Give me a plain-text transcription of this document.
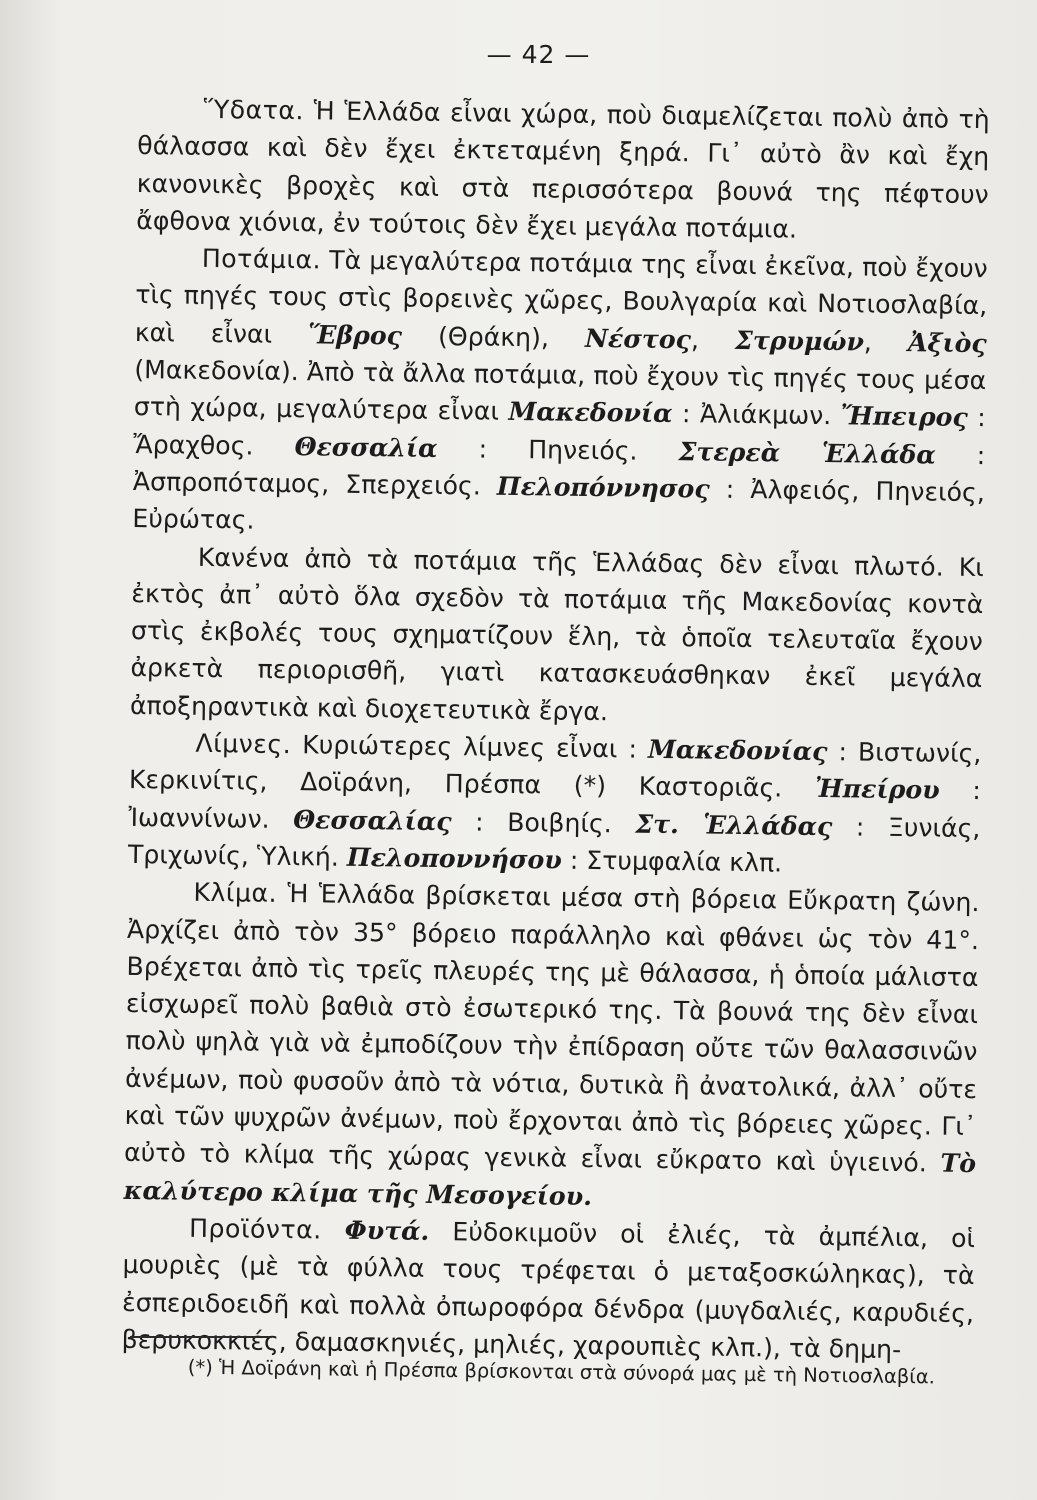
— 42 —

Ὕδατα. Ἡ Ἑλλάδα εἶναι χώρα, ποὺ διαμελίζεται πολὺ ἀπὸ τὴ θάλασσα καὶ δὲν ἔχει ἐκτεταμένη ξηρά. Γι᾽ αὐτὸ ἂν καὶ ἔχη κανονικὲς βροχὲς καὶ στὰ περισσότερα βουνά της πέφτουν ἄφθονα χιόνια, ἐν τούτοις δὲν ἔχει μεγάλα ποτάμια.

Ποτάμια. Τὰ μεγαλύτερα ποτάμια της εἶναι ἐκεῖνα, ποὺ ἔχουν τὶς πηγές τους στὶς βορεινὲς χῶρες, Βουλγαρία καὶ Νοτιοσλαβία, καὶ εἶναι Ἕβρος (Θράκη), Νέστος, Στρυμών, Ἀξιὸς (Μακεδονία). Ἀπὸ τὰ ἄλλα ποτάμια, ποὺ ἔχουν τὶς πηγές τους μέσα στὴ χώρα, μεγαλύτερα εἶναι Μακεδονία : Ἀλιάκμων. Ἤπειρος : Ἄραχθος. Θεσσαλία : Πηνειός. Στερεὰ Ἑλλάδα : Ἀσπροπόταμος, Σπερχειός. Πελοπόννησος : Ἀλφειός, Πηνειός, Εὐρώτας.

Κανένα ἀπὸ τὰ ποτάμια τῆς Ἑλλάδας δὲν εἶναι πλωτό. Κι ἐκτὸς ἀπ᾽ αὐτὸ ὅλα σχεδὸν τὰ ποτάμια τῆς Μακεδονίας κοντὰ στὶς ἐκβολές τους σχηματίζουν ἕλη, τὰ ὁποῖα τελευταῖα ἔχουν ἀρκετὰ περιορισθῆ, γιατὶ κατασκευάσθηκαν ἐκεῖ μεγάλα ἀποξηραντικὰ καὶ διοχετευτικὰ ἔργα.

Λίμνες. Κυριώτερες λίμνες εἶναι : Μακεδονίας : Βιστωνίς, Κερκινίτις, Δοϊράνη, Πρέσπα (*) Καστοριᾶς. Ἠπείρου : Ἰωαννίνων. Θεσσαλίας : Βοιβηίς. Στ. Ἑλλάδας : Ξυνιάς, Τριχωνίς, Ὑλική. Πελοποννήσου : Στυμφαλία κλπ.

Κλίμα. Ἡ Ἑλλάδα βρίσκεται μέσα στὴ βόρεια Εὔκρατη ζώνη. Ἀρχίζει ἀπὸ τὸν 35° βόρειο παράλληλο καὶ φθάνει ὡς τὸν 41°. Βρέχεται ἀπὸ τὶς τρεῖς πλευρές της μὲ θάλασσα, ἡ ὁποία μάλιστα εἰσχωρεῖ πολὺ βαθιὰ στὸ ἐσωτερικό της. Τὰ βουνά της δὲν εἶναι πολὺ ψηλὰ γιὰ νὰ ἐμποδίζουν τὴν ἐπίδραση οὔτε τῶν θαλασσινῶν ἀνέμων, ποὺ φυσοῦν ἀπὸ τὰ νότια, δυτικὰ ἢ ἀνατολικά, ἀλλ᾽ οὔτε καὶ τῶν ψυχρῶν ἀνέμων, ποὺ ἔρχονται ἀπὸ τὶς βόρειες χῶρες. Γι᾽ αὐτὸ τὸ κλίμα τῆς χώρας γενικὰ εἶναι εὔκρατο καὶ ὑγιεινό. Τὸ καλύτερο κλίμα τῆς Μεσογείου.

Προϊόντα. Φυτά. Εὐδοκιμοῦν οἱ ἐλιές, τὰ ἀμπέλια, οἱ μουριὲς (μὲ τὰ φύλλα τους τρέφεται ὁ μεταξοσκώληκας), τὰ ἐσπεριδοειδῆ καὶ πολλὰ ὀπωροφόρα δένδρα (μυγδαλιές, καρυδιές, βερυκοκκιές, δαμασκηνιές, μηλιές, χαρουπιὲς κλπ.), τὰ δημη-

(*) Ἡ Δοϊράνη καὶ ἡ Πρέσπα βρίσκονται στὰ σύνορά μας μὲ τὴ Νοτιοσλαβία.
